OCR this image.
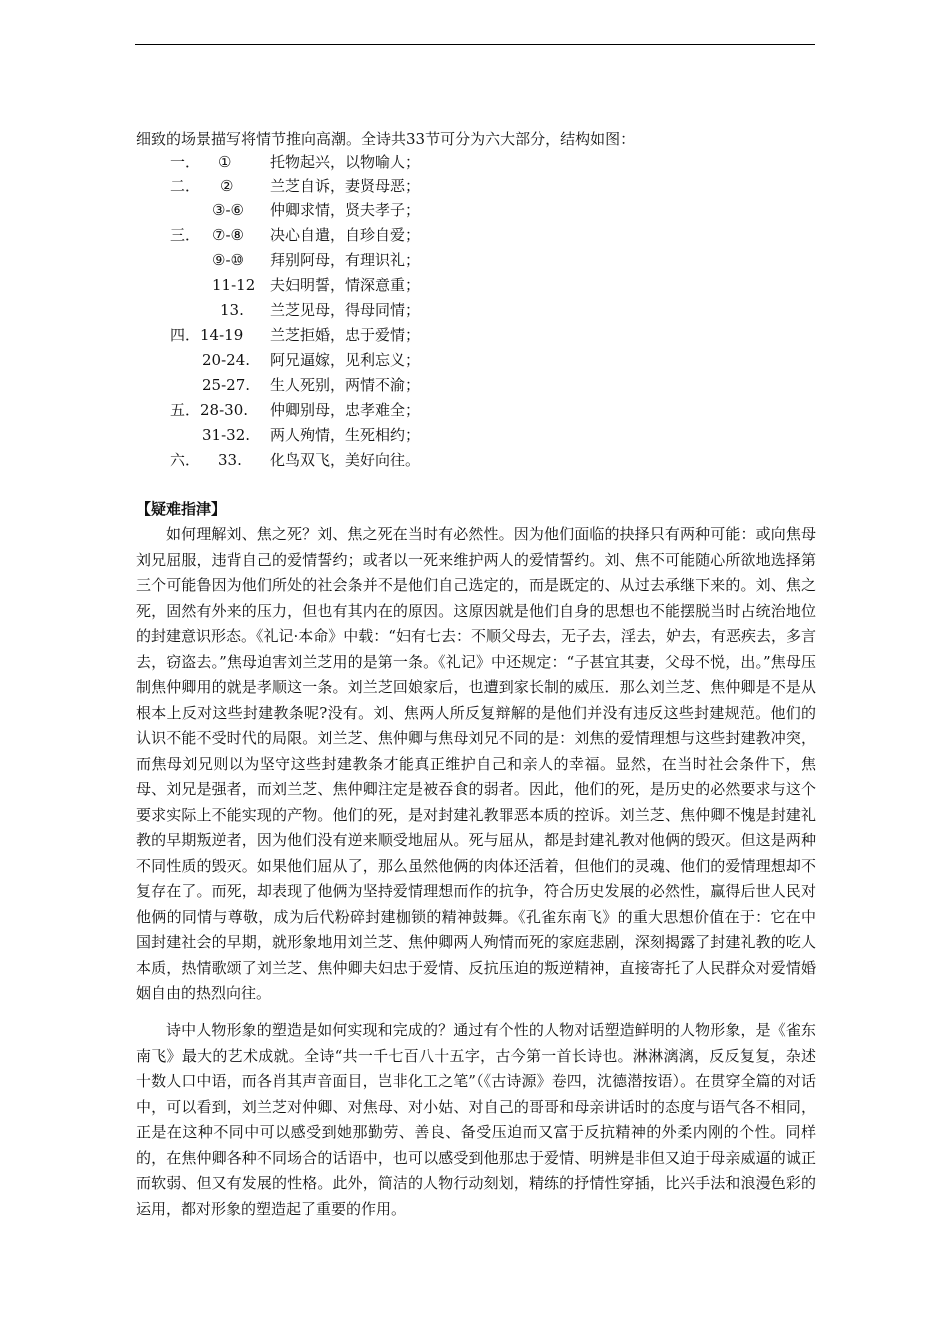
细致的场景描写将情节推向高潮。全诗共33节可分为六大部分，结构如图：
一． ①	托物起兴，以物喻人；
二． ② 兰芝自诉，妻贤母恶；
③-⑥ 仲卿求情，贤夫孝子；
三． ⑦-⑧ 决心自遣，自珍自爱；
⑨-⑩ 拜别阿母，有理识礼；
11-12 夫妇明誓，情深意重；
13. 兰芝见母，得母同情；
四． 14-19 兰芝拒婚，忠于爱情；
20-24. 阿兄逼嫁，见利忘义；
25-27. 生人死别，两情不渝；
五． 28-30. 仲卿别母，忠孝难全；
31-32. 两人殉情，生死相约；
六． 33. 化鸟双飞，美好向往。
【疑难指津】

如何理解刘、焦之死？刘、焦之死在当时有必然性。因为他们面临的抉择只有两种可能：或向焦母刘兄屈服，违背自己的爱情誓约；或者以一死来维护两人的爱情誓约。刘、焦不可能随心所欲地选择第三个可能鲁因为他们所处的社会条并不是他们自己选定的，而是既定的、从过去承继下来的。刘、焦之死，固然有外来的压力，但也有其内在的原因。这原因就是他们自身的思想也不能摆脱当时占统治地位的封建意识形态。《礼记·本命》中载：“妇有七去：不顺父母去，无子去，淫去，妒去，有恶疾去，多言去，窃盗去。”焦母迫害刘兰芝用的是第一条。《礼记》中还规定：“子甚宜其妻，父母不悦，出。”焦母压制焦仲卿用的就是孝顺这一条。刘兰芝回娘家后，也遭到家长制的威压．那么刘兰芝、焦仲卿是不是从根本上反对这些封建教条呢?没有。刘、焦两人所反复辩解的是他们并没有违反这些封建规范。他们的认识不能不受时代的局限。刘兰芝、焦仲卿与焦母刘兄不同的是：刘焦的爱情理想与这些封建教冲突，而焦母刘兄则以为坚守这些封建教条才能真正维护自己和亲人的幸福。显然，在当时社会条件下，焦母、刘兄是强者，而刘兰芝、焦仲卿注定是被吞食的弱者。因此，他们的死，是历史的必然要求与这个要求实际上不能实现的产物。他们的死，是对封建礼教罪恶本质的控诉。刘兰芝、焦仲卿不愧是封建礼教的早期叛逆者，因为他们没有逆来顺受地屈从。死与屈从，都是封建礼教对他俩的毁灭。但这是两种不同性质的毁灭。如果他们屈从了，那么虽然他俩的肉体还活着，但他们的灵魂、他们的爱情理想却不复存在了。而死，却表现了他俩为坚持爱情理想而作的抗争，符合历史发展的必然性，赢得后世人民对他俩的同情与尊敬，成为后代粉碎封建枷锁的精神鼓舞。《孔雀东南飞》的重大思想价值在于：它在中国封建社会的早期，就形象地用刘兰芝、焦仲卿两人殉情而死的家庭悲剧，深刻揭露了封建礼教的吃人本质，热情歌颂了刘兰芝、焦仲卿夫妇忠于爱情、反抗压迫的叛逆精神，直接寄托了人民群众对爱情婚姻自由的热烈向往。

诗中人物形象的塑造是如何实现和完成的？通过有个性的人物对话塑造鲜明的人物形象，是《雀东南飞》最大的艺术成就。全诗“共一千七百八十五字，古今第一首长诗也。淋淋漓漓，反反复复，杂述十数人口中语，而各肖其声音面目，岂非化工之笔”（《古诗源》卷四，沈德潜按语）。在贯穿全篇的对话中，可以看到，刘兰芝对仲卿、对焦母、对小姑、对自己的哥哥和母亲讲话时的态度与语气各不相同，正是在这种不同中可以感受到她那勤劳、善良、备受压迫而又富于反抗精神的外柔内刚的个性。同样的，在焦仲卿各种不同场合的话语中，也可以感受到他那忠于爱情、明辨是非但又迫于母亲威逼的诚正而软弱、但又有发展的性格。此外，简洁的人物行动刻划，精练的抒情性穿插，比兴手法和浪漫色彩的运用，都对形象的塑造起了重要的作用。
